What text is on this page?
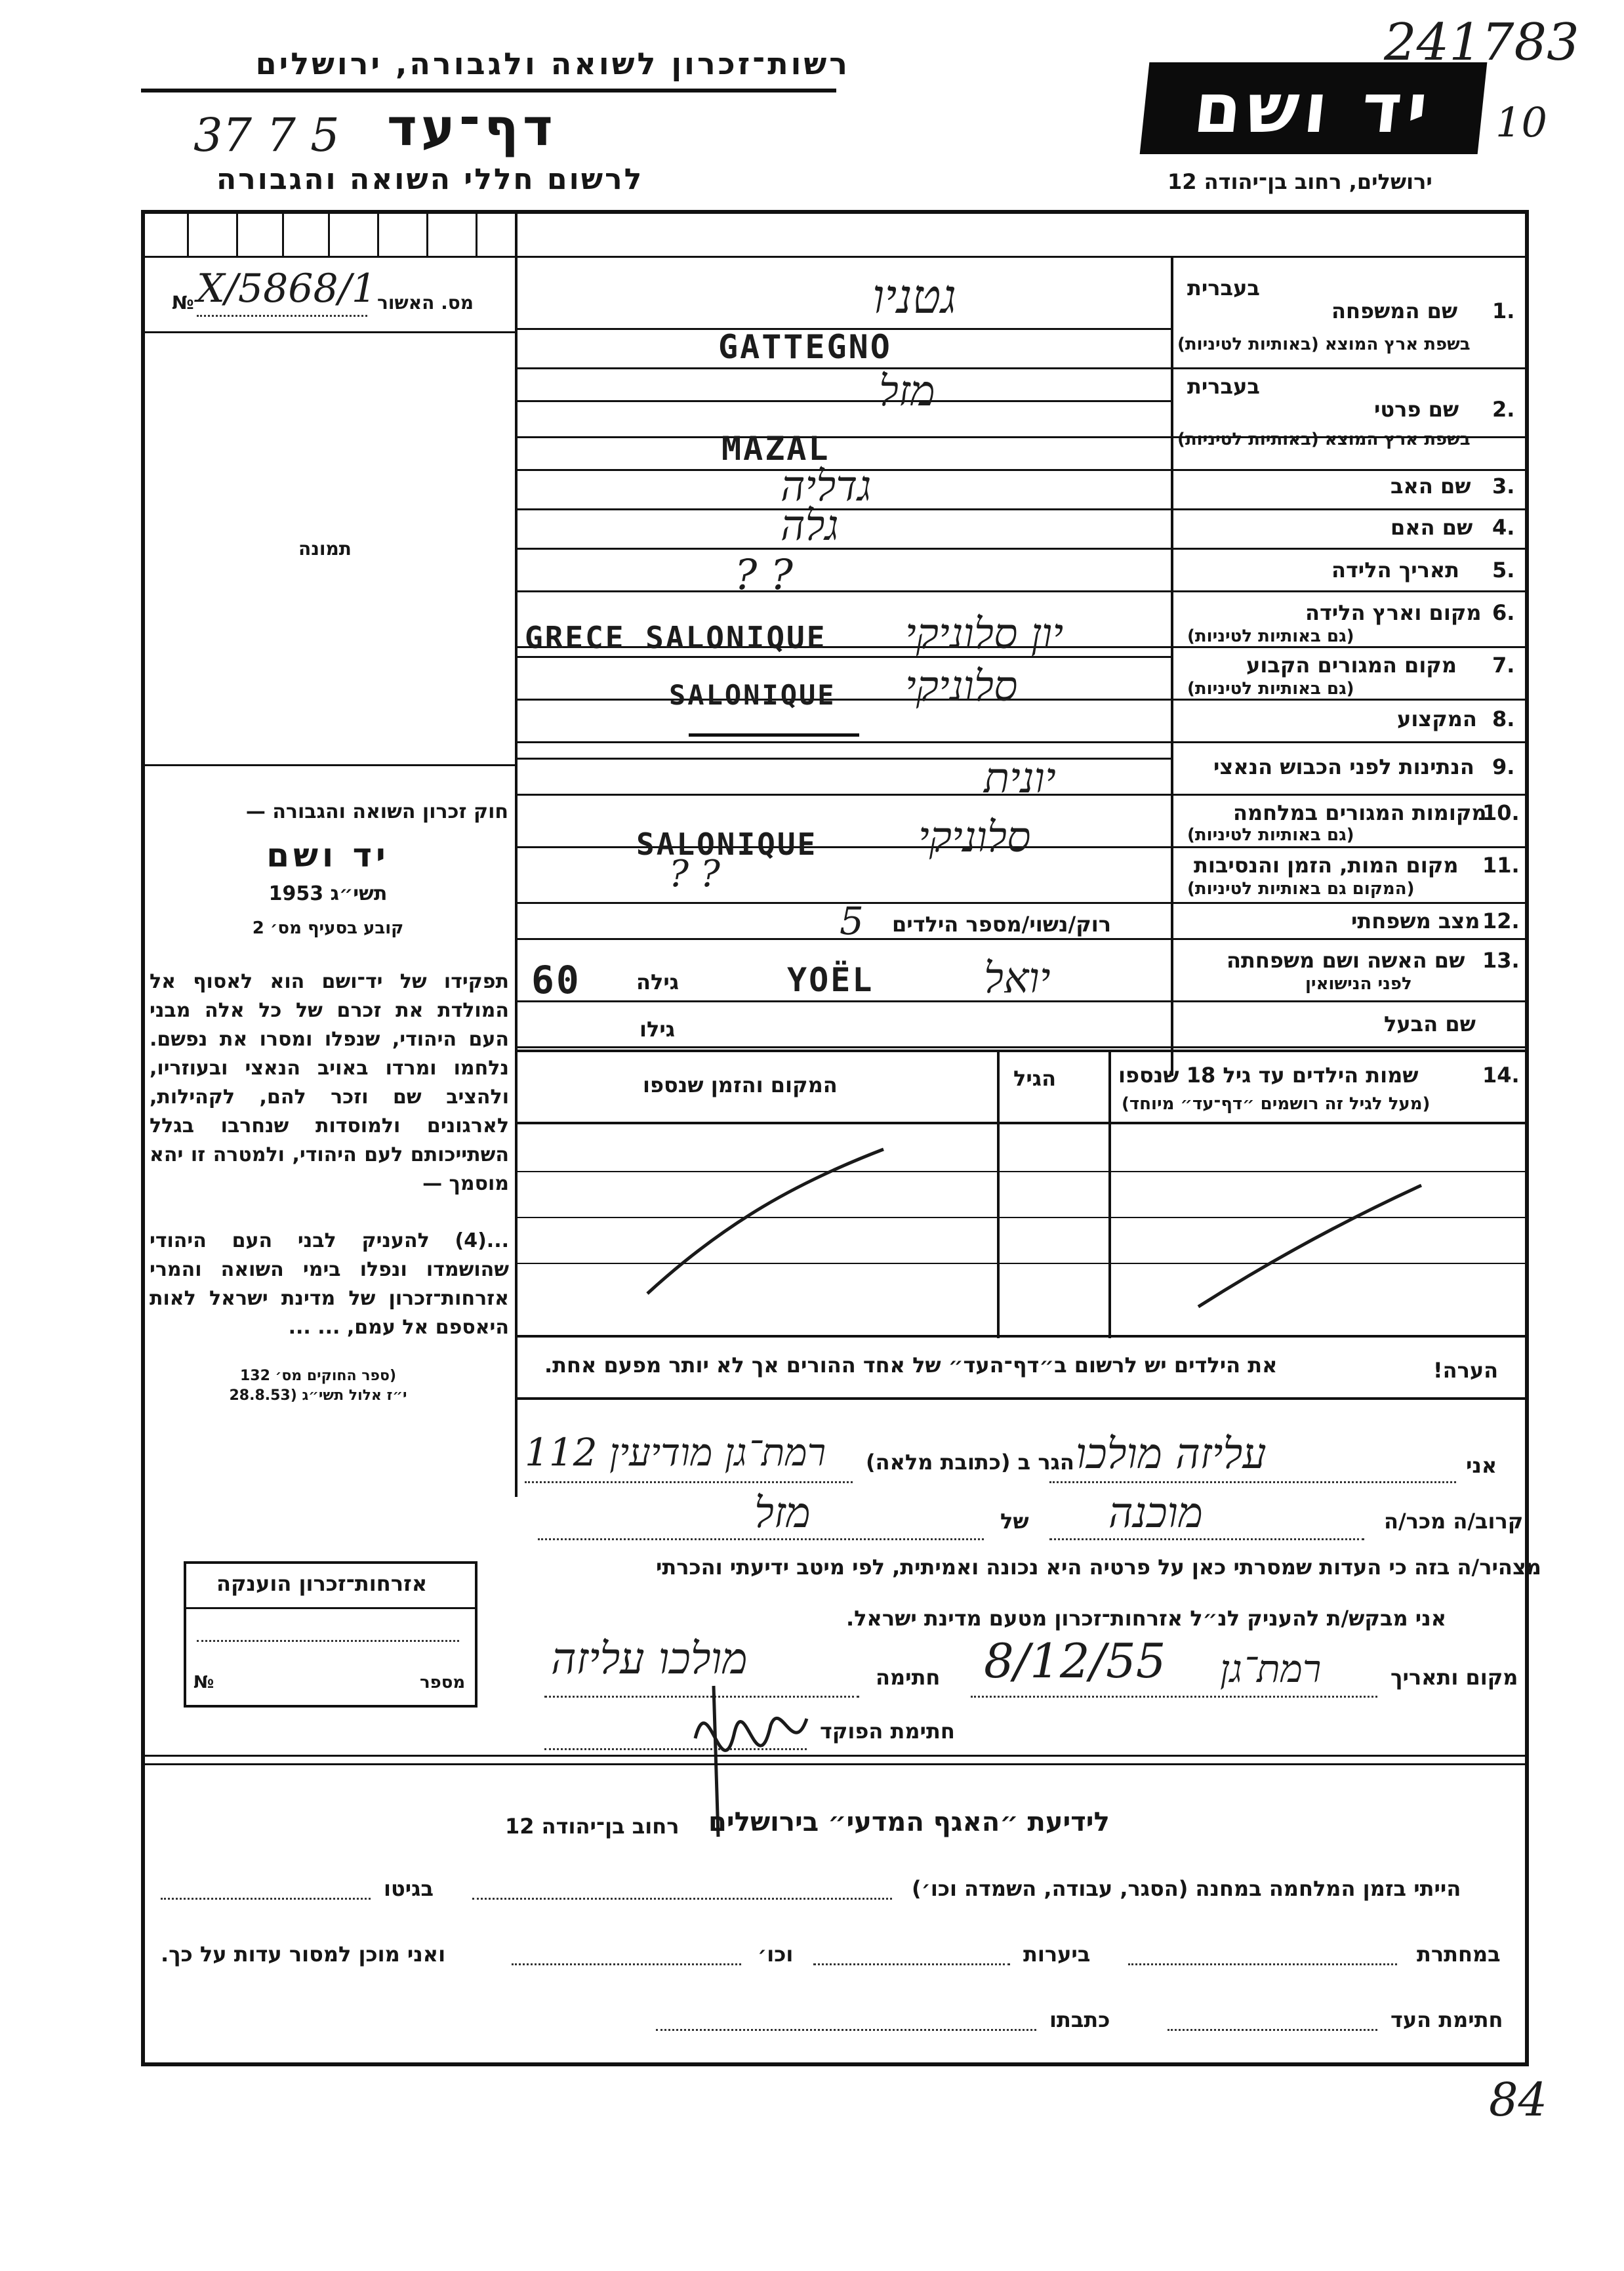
רשות־זכרון לשואה ולגבורה, ירושלים
37 7 5 דף־עד
לרשום חללי השואה והגבורה
יד ושם
241783
10
ירושלים, רחוב בן־יהודה 12
מס. האשור
№ X/5868/1
תמונה
חוק זכרון השואה והגבורה —
יד ושם
תשי״ג 1953
קובע בסעיף מס׳ 2
תפקידו של יד־ושם הוא לאסוף אל המולדת את זכרם של כל אלה מבני העם היהודי, שנפלו ומסרו את נפשם. נלחמו ומרדו באויב הנאצי ובעוזריו, ולהציב שם וזכר להם, לקהילות, לארגונים ולמוסדות שנחרבו בגלל השתייכותם לעם היהודי, ולמטרה זו יהא מוסמך —
...(4) להעניק לבני העם היהודי שהושמדו ונפלו בימי השואה והמרי אזרחות־זכרון של מדינת ישראל לאות היאספם אל עמם, ... ...
(ספר החוקים מס׳ 132
י״ז אלול תשי״ג (28.8.53
בעברית
1.
שם המשפחה
בשפת ארץ המוצא (באותיות לטיניות)
גטניו
GATTEGNO
בעברית
2.
שם פרטי
בשפת ארץ המוצא (באותיות לטיניות)
מזל
MAZAL
3.
שם האב
גדליה
4.
שם האם
גלה
5.
תאריך הלידה
? ?
6.
מקום וארץ הלידה
(גם באותיות לטיניות)
GRECE SALONIQUE יון סלוניקי
7.
מקום המגורים הקבוע
(גם באותיות לטיניות)
SALONIQUE סלוניקי
8.
המקצוע
9.
הנתינות לפני הכבוש הנאצי
יונית
10.
מקומות המגורים במלחמה
(גם באותיות לטיניות)
SALONIQUE סלוניקי
11.
מקום המות, הזמן והנסיבות
(המקום גם באותיות לטיניות)
? ?
12.
מצב משפחתי
רוק/נשוי/מספר הילדים
5
13.
שם האשה ושם משפחתה
לפני הנישואין
גילה
60	YOËL	יואל
שם הבעל
גילו
14.
שמות הילדים עד גיל 18 שנספו
(מעל לגיל זה רושמים ״דף־עד״ מיוחד)
הגיל
המקום והזמן שנספו
הערה!
את הילדים יש לרשום ב״דף־העד״ של אחד ההורים אך לא יותר מפעם אחת.
אני
עליזה מולכו
הגר ב (כתובת מלאה)
רמת־גן מודיעין 112
קרוב/ה מכר/ה
מוכנה
של
מזל
מצהיר/ה בזה כי העדות שמסרתי כאן על פרטיה היא נכונה ואמיתית, לפי מיטב ידיעתי והכרתי
אני מבקש/ת להעניק לנ״ל אזרחות־זכרון מטעם מדינת ישראל.
מקום ותאריך
רמת־גן
8/12/55
חתימה
מולכו עליזה
חתימת הפוקד
אזרחות־זכרון הוענקה
מספר
№
לידיעת ״האגף המדעי״ בירושלים
רחוב בן־יהודה 12
הייתי בזמן המלחמה במחנה (הסגר, עבודה, השמדה וכו׳)
בגיטו
במחתרת
ביערות
וכו׳
ואני מוכן למסור עדות על כך.
חתימת העד
כתבתו
84
